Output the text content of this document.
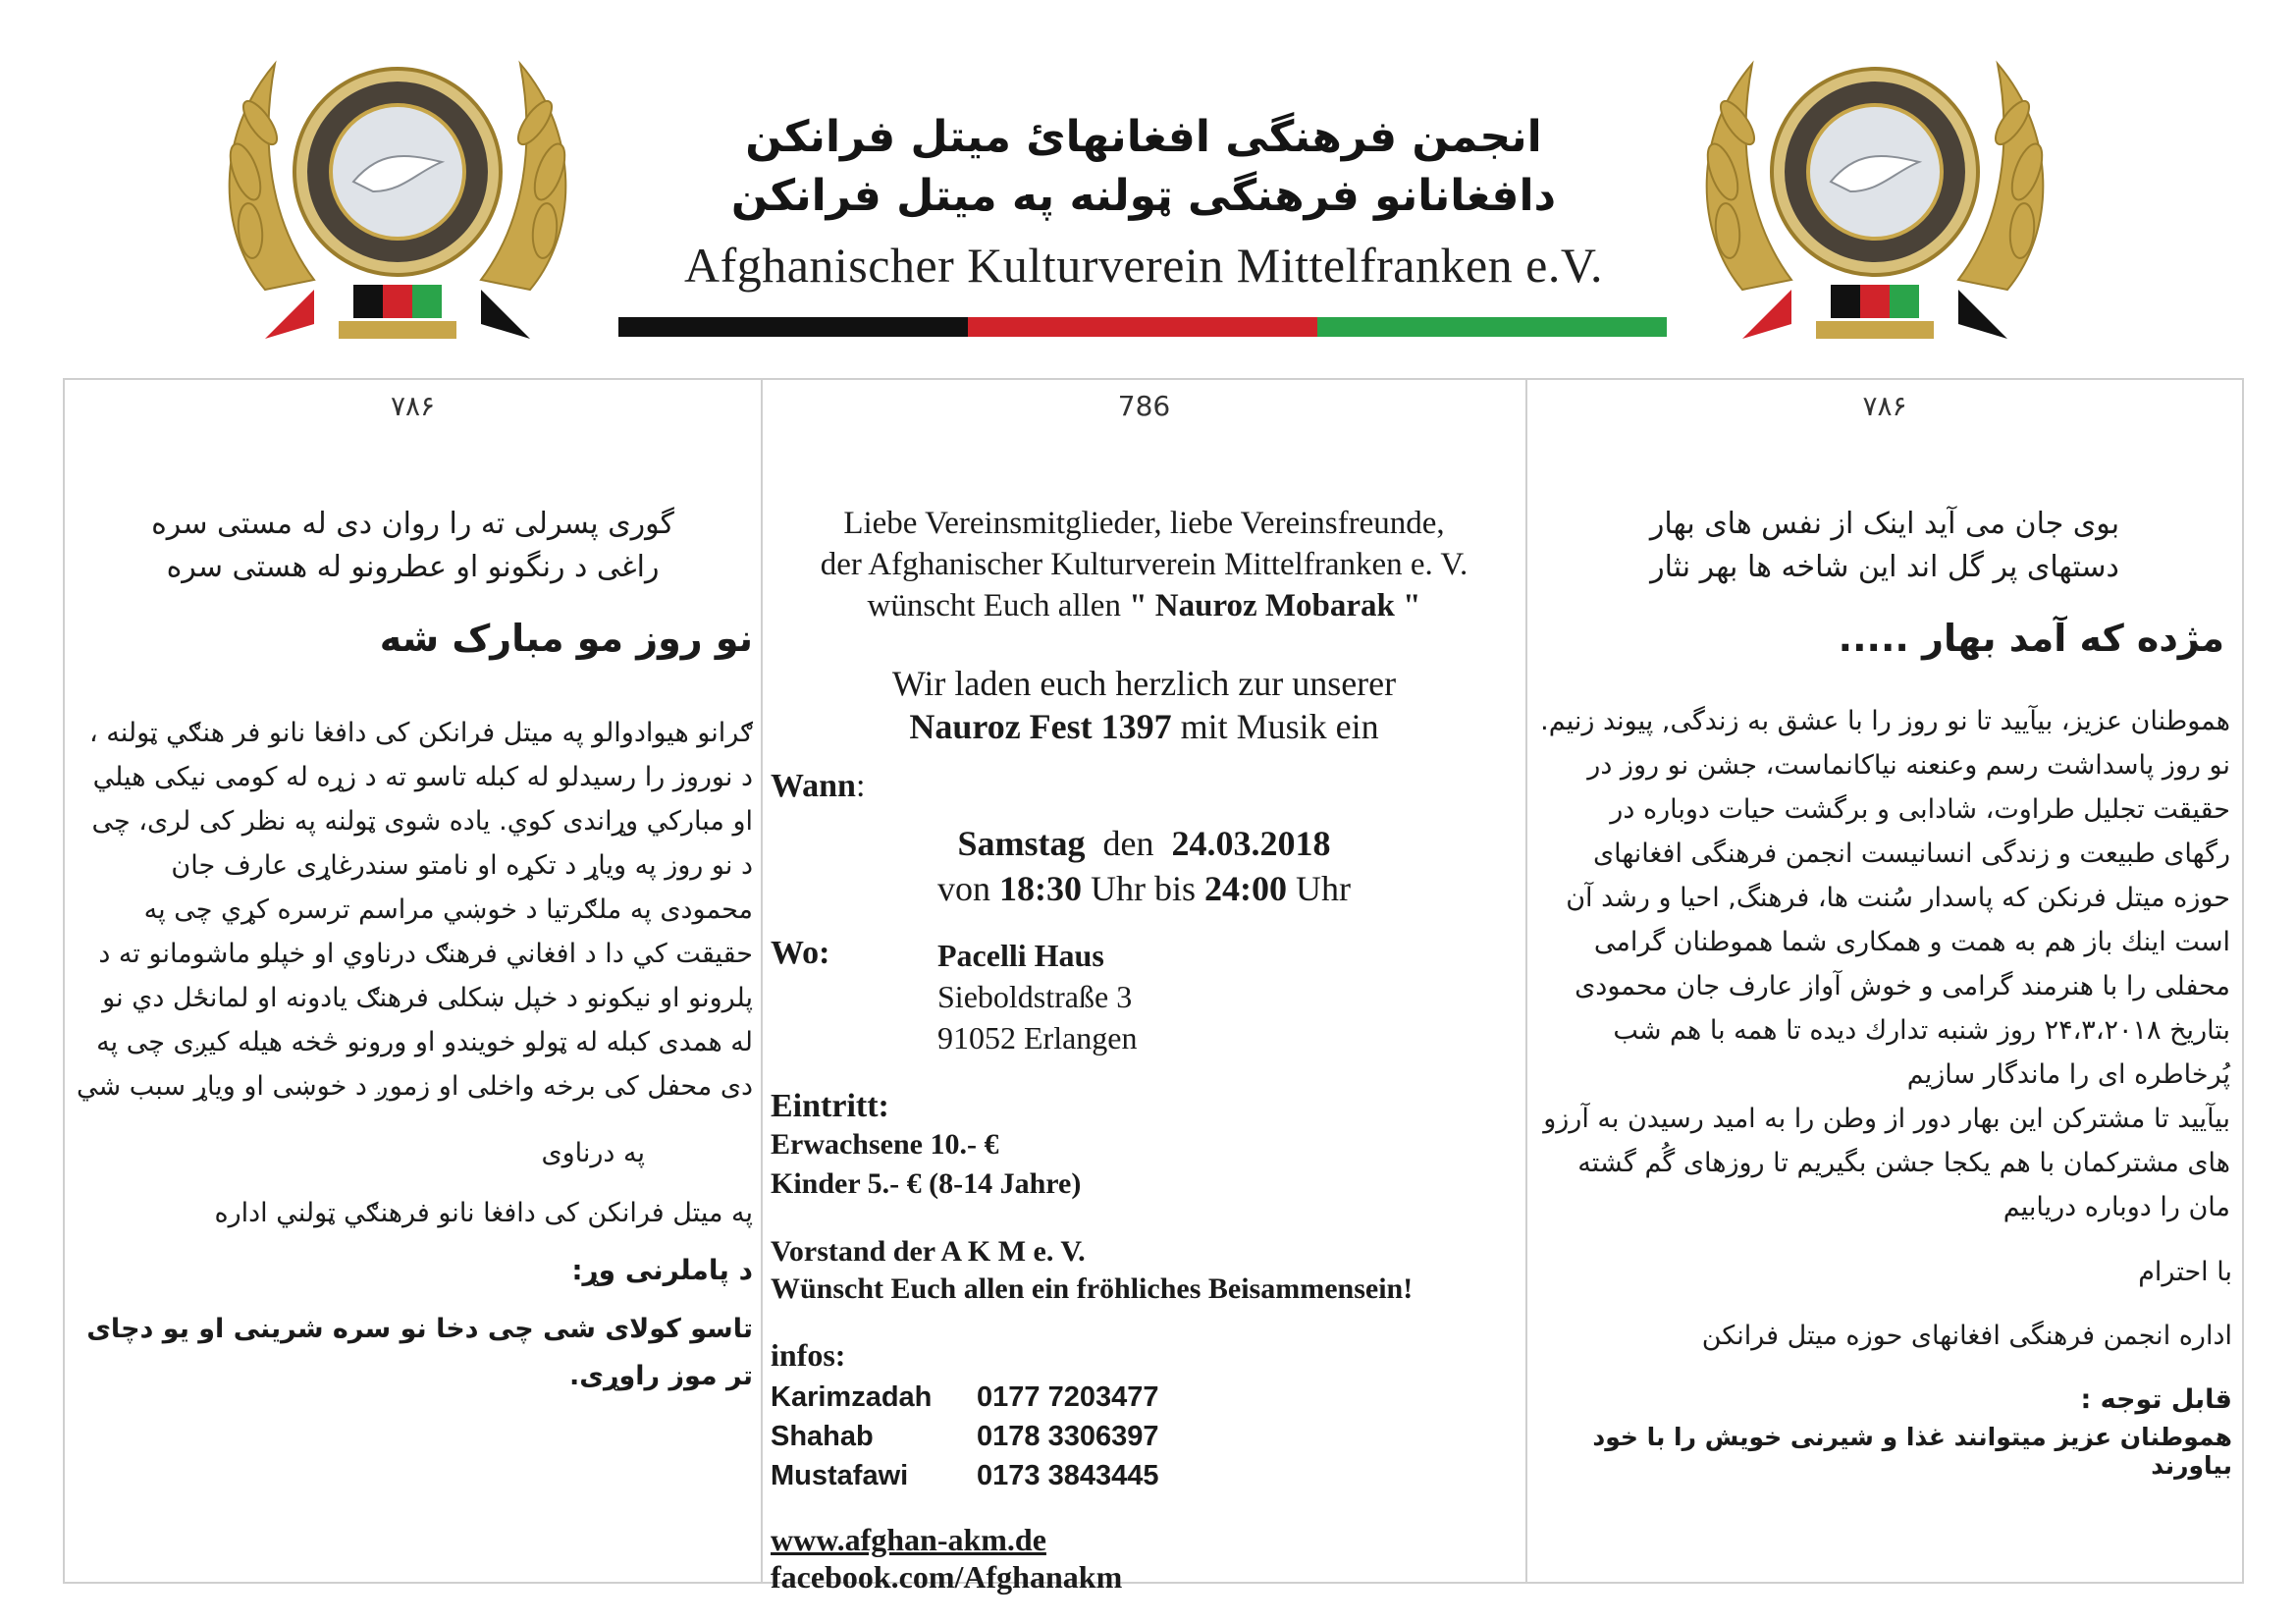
انجمن فرهنگی افغانهائ میتل فرانکن
دافغانانو فرهنگی ټولنه په میتل فرانکن
Afghanischer Kulturverein Mittelfranken e.V.
۷۸۶
گوری پسرلی ته را روان دی له مستی سره
راغی د رنگونو او عطرونو له هستی سره
نو روز مو مبارک شه
ګرانو هیوادوالو په میتل فرانکن کی دافغا نانو فر هنګي ټولنه ، د نوروز را رسیدلو له کبله تاسو ته د زړه له کومی نیکی هیلي او مبارکي وړاندی کوي. یاده شوی ټولنه په نظر کی لری، چی د نو روز په ویاړ د تکړه او نامتو سندرغاړی عارف جان محمودی په ملګرتیا د خوښي مراسم ترسره کړي چی په حقیقت کي دا د افغاني فرهنګ درناوي او خپلو ماشومانو ته د پلرونو او نیکونو د خپل ښکلی فرهنګ یادونه او لمانځل دي نو له همدی کبله له ټولو خویندو او ورونو څخه هیله کیږی چی په دی محفل کی برخه واخلی او زموږ د خوښی او ویاړ سبب شي
په درناوی
په میتل فرانکن کی دافغا نانو فرهنګي ټولني اداره
د پاملرنی وړ:
تاسو کولای شی چی دخا نو سره شرینی او یو دچای تر موز راوړی.
786
Liebe Vereinsmitglieder, liebe Vereinsfreunde,
der Afghanischer Kulturverein Mittelfranken e. V.
wünscht Euch allen " Nauroz Mobarak "
Wir laden euch herzlich zur unserer
Nauroz Fest 1397 mit Musik ein
Wann:
Samstag den 24.03.2018
von 18:30 Uhr bis 24:00 Uhr
Wo:	Pacelli Haus
Sieboldstraße 3
91052 Erlangen
Eintritt:
Erwachsene 10.- €
Kinder 5.- € (8-14 Jahre)
Vorstand der A K M e. V.
Wünscht Euch allen ein fröhliches Beisammensein!
infos:
Karimzadah	0177 7203477
Shahab	0178 3306397
Mustafawi	0173 3843445
www.afghan-akm.de
facebook.com/Afghanakm
۷۸۶
بوی جان می آید اینک از نفس های بهار
دستهای پر گل اند این شاخه ها بهر نثار
مژده که آمد بهار .....
هموطنان عزیز، بیآیید تا نو روز را با عشق به زندگی, پیوند زنیم. نو روز پاسداشت رسم وعنعنه نیاکانماست، جشن نو روز در حقیقت تجلیل طراوت، شادابی و برگشت حیات دوباره در رگهای طبیعت و زندگی انسانیست انجمن فرهنگی افغانهای حوزه میتل فرنکن که پاسدار سُنت ها، فرهنگ, احیا و رشد آن است اینك باز هم به همت و همکاری شما هموطنان گرامی محفلی را با هنرمند گرامی و خوش آواز عارف جان محمودی بتاریخ ۲۴،۳،۲۰۱۸ روز شنبه تدارك دیده تا همه با هم شب پُرخاطره ای را ماندگار سازیم
بیآیید تا مشترکن این بهار دور از وطن را به امید رسیدن به آرزو های مشترکمان با هم یکجا جشن بگیریم تا روزهای گُم گشته مان را دوباره دریابیم
با احترام
اداره انجمن فرهنگی افغانهای حوزه میتل فرانکن
قابل توجه :
هموطنان عزیز میتوانند غذا و شیرنی خویش را با خود بیاورند
